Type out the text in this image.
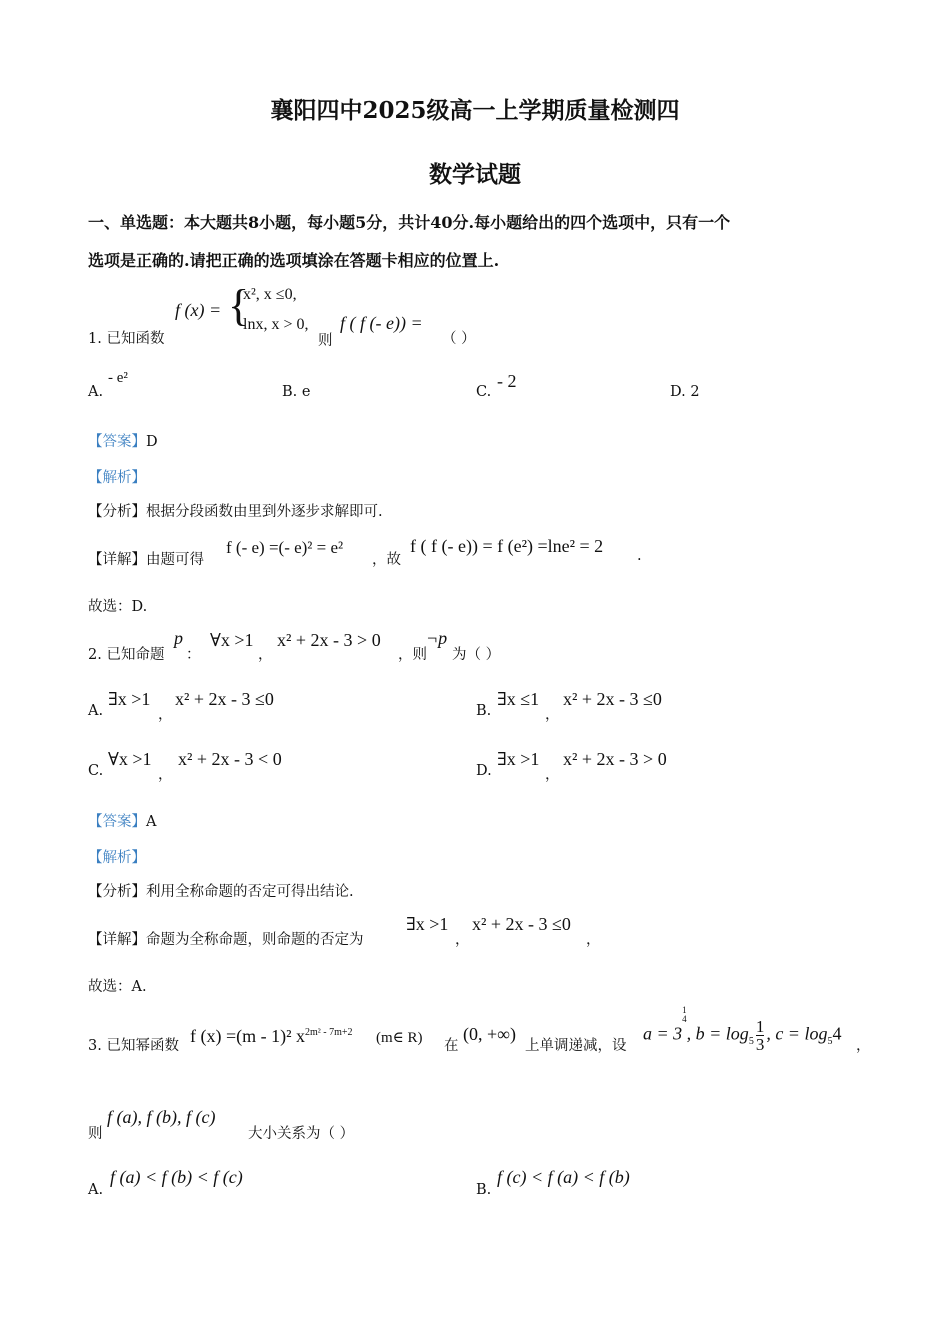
襄阳四中2025级高一上学期质量检测四
数学试题
一、单选题：本大题共8小题，每小题5分，共计40分.每小题给出的四个选项中，只有一个
选项是正确的.请把正确的选项填涂在答题卡相应的位置上.
1. 已知函数
f (x) = {
x², x ≤0,
lnx, x > 0,
则
f ( f (- e)) =
（ ）
A.
- e²
B. e	C.
- 2
D. 2
【答案】D
【解析】
【分析】根据分段函数由里到外逐步求解即可.
【详解】由题可得
f (- e) =(- e)² = e²
，故
f ( f (- e)) = f (e²) =lne² = 2 .
故选：D.
2. 已知命题
p
：
∀x >1
，
x² + 2x - 3 > 0
，则
¬p
为（ ）
A.
∃x >1
，
x² + 2x - 3 ≤0
B.
∃x ≤1
，
x² + 2x - 3 ≤0
C.
∀x >1
，
x² + 2x - 3 < 0
D.
∃x >1
，
x² + 2x - 3 > 0
【答案】A
【解析】
【分析】利用全称命题的否定可得出结论.
【详解】命题为全称命题，则命题的否定为
∃x >1
，
x² + 2x - 3 ≤0
，
故选：A.
3. 已知幂函数 f (x) =(m - 1)² $x^{2m^2 - 7m+2}$ (m∈ R) 在
(0, +∞)
上单调递减，设
a = 3
1
4
, $b = \log_5 \frac{1}{3}$ , $c = \log_54$
，
则
f (a), f (b), f (c)
大小关系为（ ）
A.
f (a) < f (b) < f (c)
B.
f (c) < f (a) < f (b)
